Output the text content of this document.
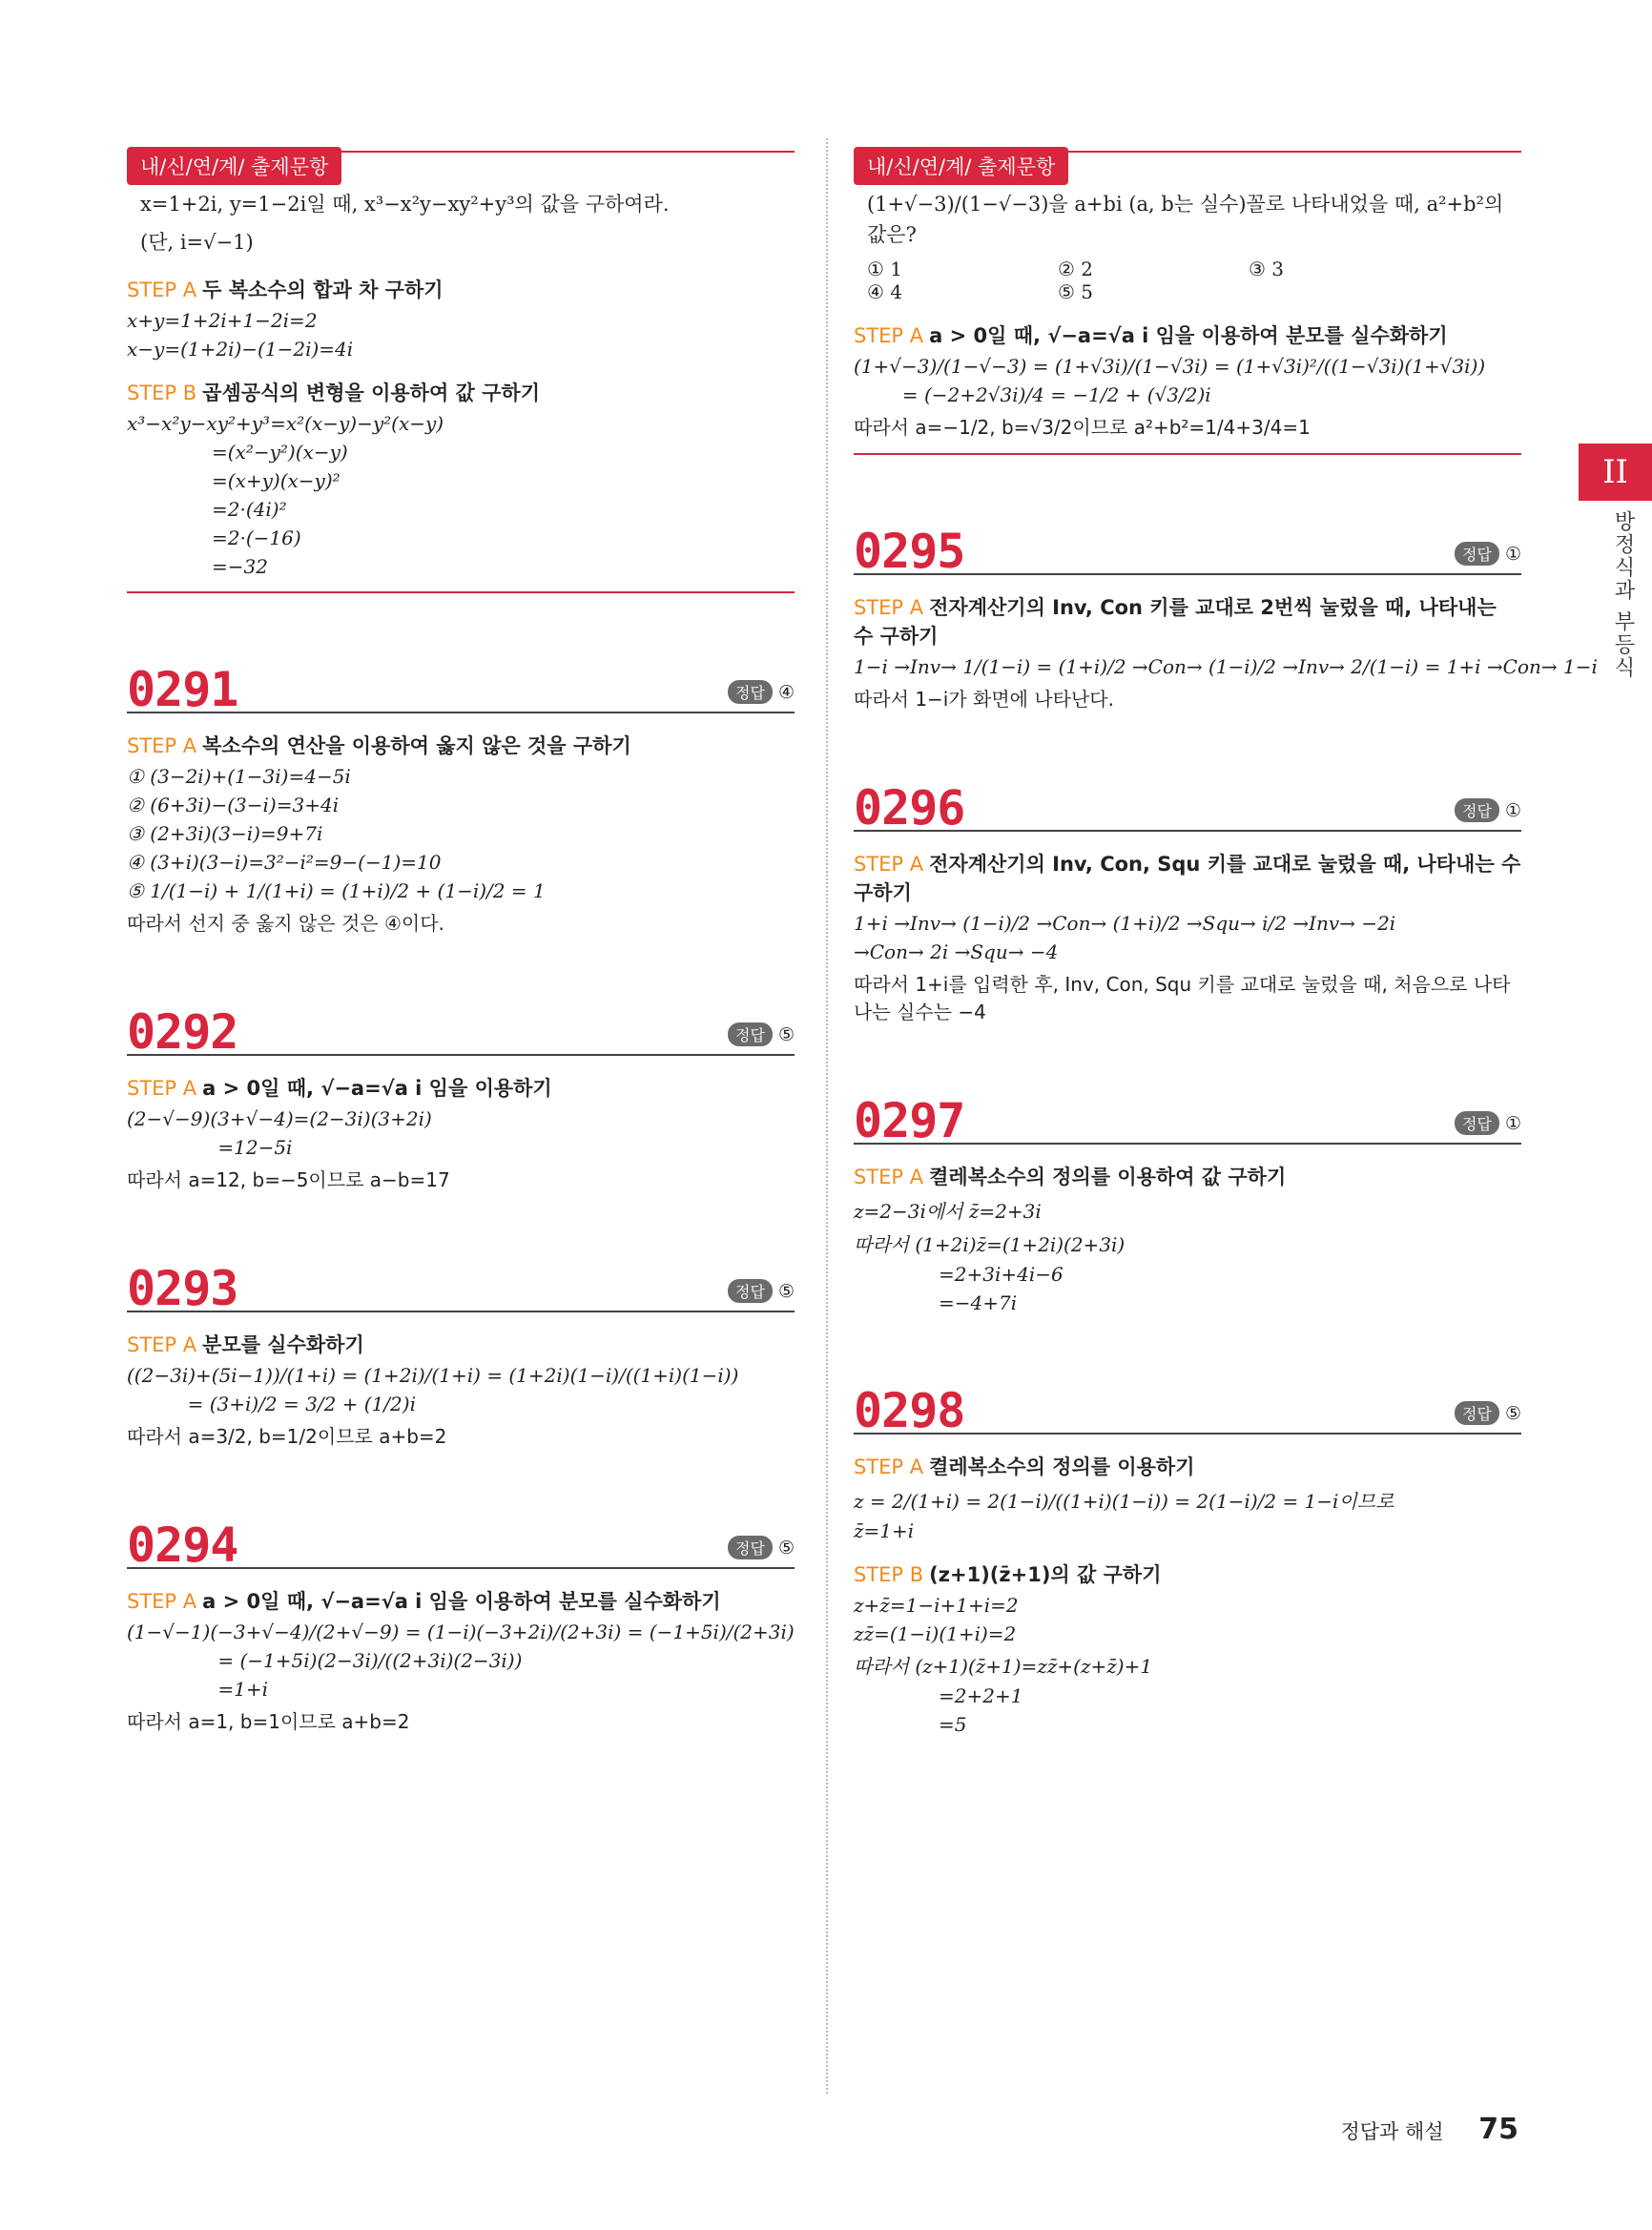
내/신/연/계/ 출제문항
x=1+2i, y=1−2i일 때, x³−x²y−xy²+y³의 값을 구하여라.
(단, i=√−1)
STEP A 두 복소수의 합과 차 구하기
x+y=1+2i+1−2i=2
x−y=(1+2i)−(1−2i)=4i
STEP B 곱셈공식의 변형을 이용하여 값 구하기
x³−x²y−xy²+y³=x²(x−y)−y²(x−y)
=(x²−y²)(x−y)
=(x+y)(x−y)²
=2·(4i)²
=2·(−16)
=−32
0291	정답 ④
STEP A 복소수의 연산을 이용하여 옳지 않은 것을 구하기
① (3−2i)+(1−3i)=4−5i
② (6+3i)−(3−i)=3+4i
③ (2+3i)(3−i)=9+7i
④ (3+i)(3−i)=3²−i²=9−(−1)=10
⑤ 1/(1−i) + 1/(1+i) = (1+i)/2 + (1−i)/2 = 1
따라서 선지 중 옳지 않은 것은 ④이다.
0292	정답 ⑤
STEP A a > 0일 때, √−a=√a i 임을 이용하기
(2−√−9)(3+√−4)=(2−3i)(3+2i)
=12−5i
따라서 a=12, b=−5이므로 a−b=17
0293	정답 ⑤
STEP A 분모를 실수화하기
((2−3i)+(5i−1))/(1+i) = (1+2i)/(1+i) = (1+2i)(1−i)/((1+i)(1−i))
= (3+i)/2 = 3/2 + (1/2)i
따라서 a=3/2, b=1/2이므로 a+b=2
0294	정답 ⑤
STEP A a > 0일 때, √−a=√a i 임을 이용하여 분모를 실수화하기
(1−√−1)(−3+√−4)/(2+√−9) = (1−i)(−3+2i)/(2+3i) = (−1+5i)/(2+3i)
= (−1+5i)(2−3i)/((2+3i)(2−3i))
=1+i
따라서 a=1, b=1이므로 a+b=2
내/신/연/계/ 출제문항
(1+√−3)/(1−√−3)을 a+bi (a, b는 실수)꼴로 나타내었을 때, a²+b²의 값은?
① 1	② 2	③ 3
④ 4	⑤ 5
STEP A a > 0일 때, √−a=√a i 임을 이용하여 분모를 실수화하기
(1+√−3)/(1−√−3) = (1+√3i)/(1−√3i) = (1+√3i)²/((1−√3i)(1+√3i))
= (−2+2√3i)/4 = −1/2 + (√3/2)i
따라서 a=−1/2, b=√3/2이므로 a²+b²=1/4+3/4=1
0295	정답 ①
STEP A 전자계산기의 Inv, Con 키를 교대로 2번씩 눌렀을 때, 나타내는 수 구하기
1−i →Inv→ 1/(1−i) = (1+i)/2 →Con→ (1−i)/2 →Inv→ 2/(1−i) = 1+i →Con→ 1−i
따라서 1−i가 화면에 나타난다.
0296	정답 ①
STEP A 전자계산기의 Inv, Con, Squ 키를 교대로 눌렀을 때, 나타내는 수 구하기
1+i →Inv→ (1−i)/2 →Con→ (1+i)/2 →Squ→ i/2 →Inv→ −2i
→Con→ 2i →Squ→ −4
따라서 1+i를 입력한 후, Inv, Con, Squ 키를 교대로 눌렀을 때, 처음으로 나타나는 실수는 −4
0297	정답 ①
STEP A 켤레복소수의 정의를 이용하여 값 구하기
z=2−3i에서 z̄=2+3i
따라서 (1+2i)z̄=(1+2i)(2+3i)
=2+3i+4i−6
=−4+7i
0298	정답 ⑤
STEP A 켤레복소수의 정의를 이용하기
z = 2/(1+i) = 2(1−i)/((1+i)(1−i)) = 2(1−i)/2 = 1−i이므로
z̄=1+i
STEP B (z+1)(z̄+1)의 값 구하기
z+z̄=1−i+1+i=2
zz̄=(1−i)(1+i)=2
따라서 (z+1)(z̄+1)=zz̄+(z+z̄)+1
=2+2+1
=5
II
방정식과 부등식
정답과 해설 75
